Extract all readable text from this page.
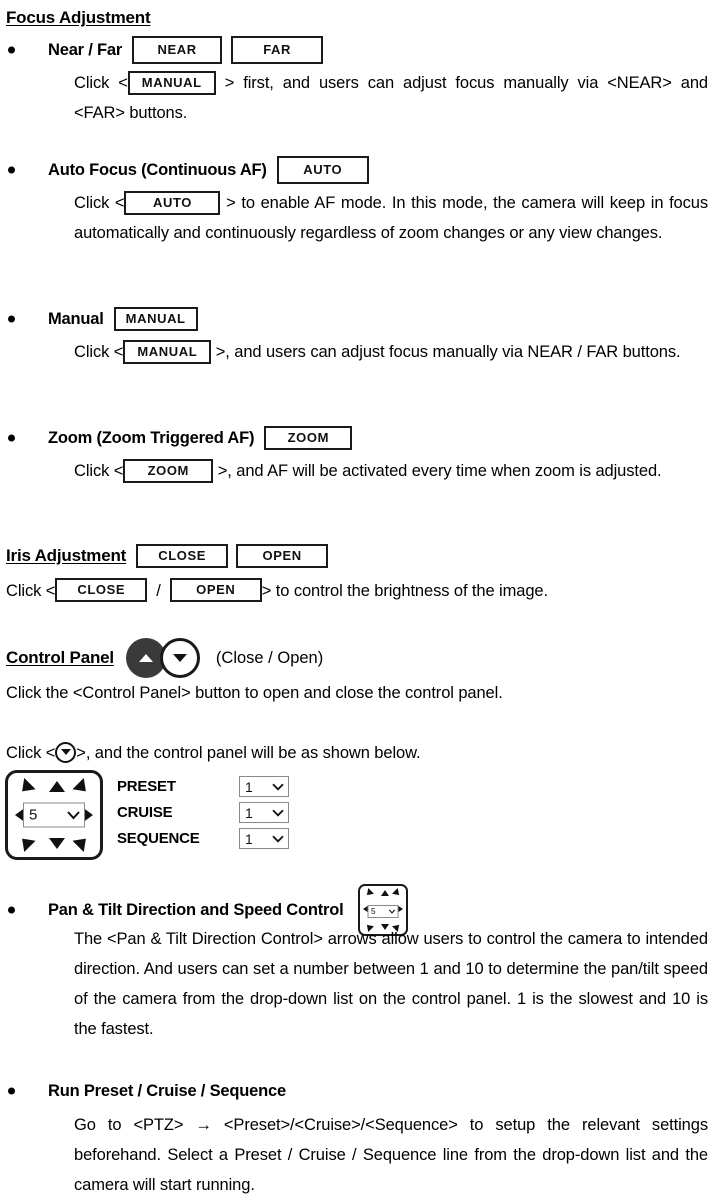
Focus Adjustment
Near / Far	NEAR	FAR
Click < MANUAL > first, and users can adjust focus manually via <NEAR> and <FAR> buttons.
Auto Focus (Continuous AF)	AUTO
Click < AUTO > to enable AF mode. In this mode, the camera will keep in focus automatically and continuously regardless of zoom changes or any view changes.
Manual	MANUAL
Click < MANUAL >, and users can adjust focus manually via NEAR / FAR buttons.
Zoom (Zoom Triggered AF)	ZOOM
Click < ZOOM >, and AF will be activated every time when zoom is adjusted.
Iris Adjustment	CLOSE	OPEN
Click <	CLOSE	/	OPEN	> to control the brightness of the image.
Control Panel	(Close / Open)
Click the <Control Panel> button to open and close the control panel.
Click < >, and the control panel will be as shown below.
5
PRESET	1
CRUISE	1
SEQUENCE	1
Pan & Tilt Direction and Speed Control	5
The <Pan & Tilt Direction Control> arrows allow users to control the camera to intended direction. And users can set a number between 1 and 10 to determine the pan/tilt speed of the camera from the drop-down list on the control panel. 1 is the slowest and 10 is the fastest.
Run Preset / Cruise / Sequence
Go to <PTZ> → <Preset>/<Cruise>/<Sequence> to setup the relevant settings beforehand. Select a Preset / Cruise / Sequence line from the drop-down list and the camera will start running.
